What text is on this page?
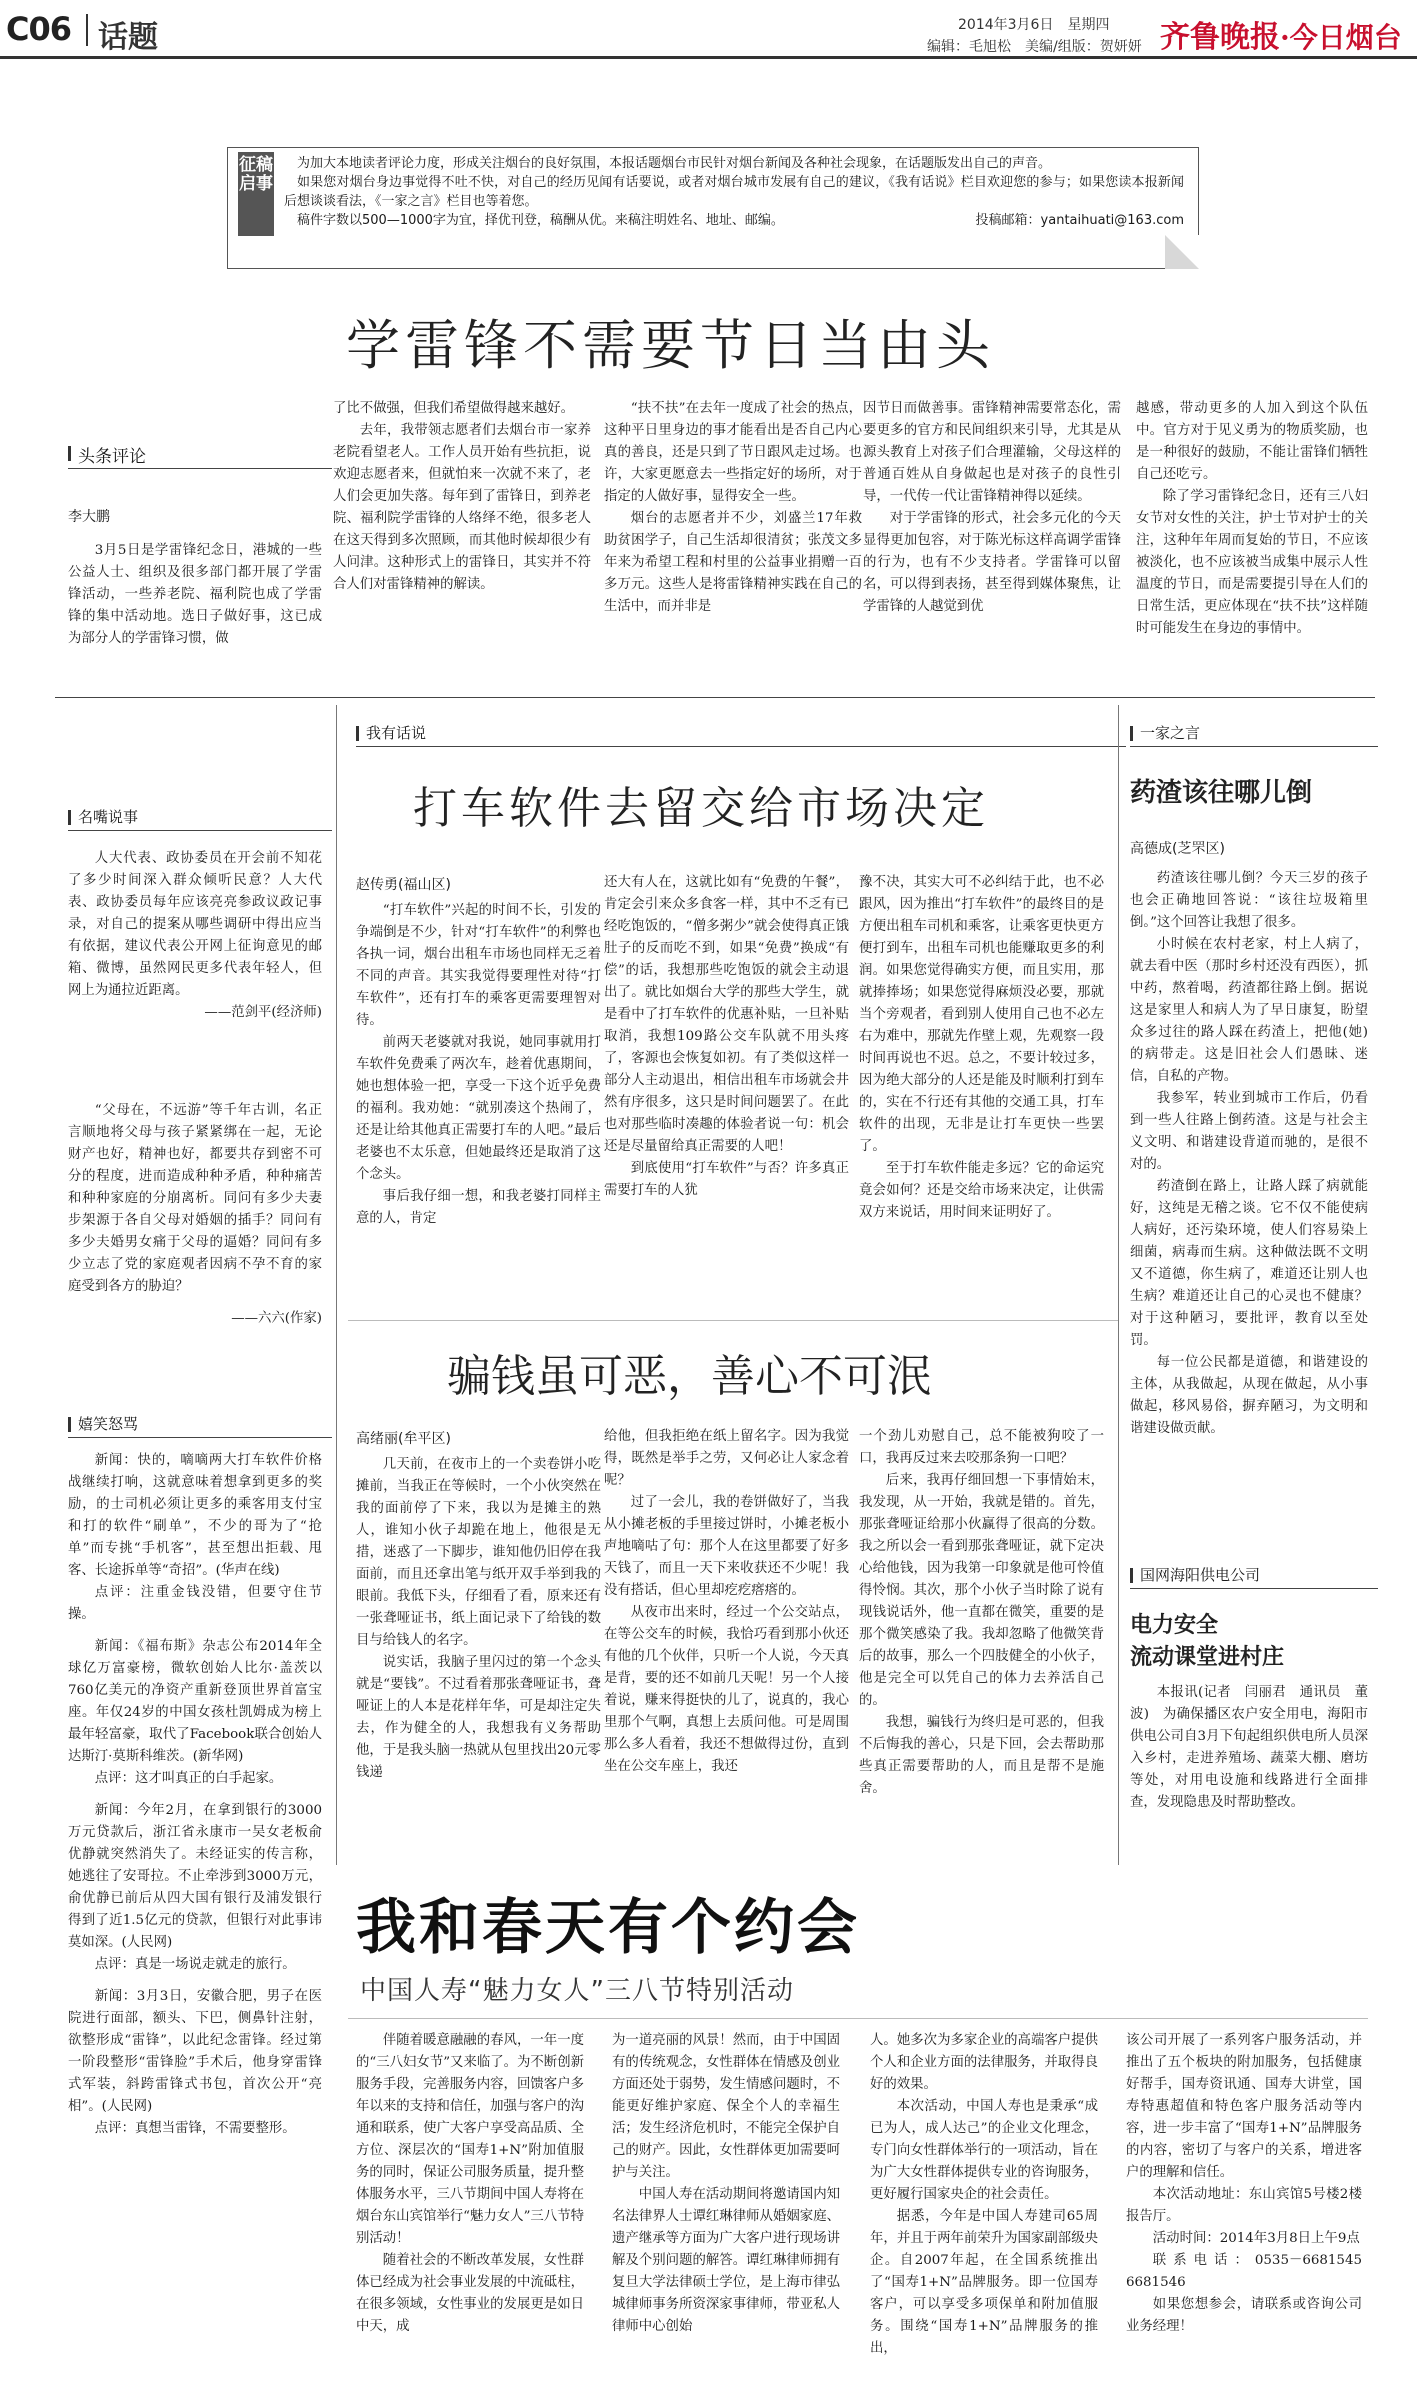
C06 话题	2014年3月6日　星期四
编辑：毛旭松　美编/组版：贺妍妍 齐鲁晚报·今日烟台
征稿启事

为加大本地读者评论力度，形成关注烟台的良好氛围，本报话题烟台市民针对烟台新闻及各种社会现象，在话题版发出自己的声音。

如果您对烟台身边事觉得不吐不快，对自己的经历见闻有话要说，或者对烟台城市发展有自己的建议，《我有话说》栏目欢迎您的参与；如果您读本报新闻后想谈谈看法，《一家之言》栏目也等着您。

稿件字数以500—1000字为宜，择优刊登，稿酬从优。来稿注明姓名、地址、邮编。　	投稿邮箱：yantaihuati@163.com

学雷锋不需要节日当由头
头条评论
李大鹏

3月5日是学雷锋纪念日，港城的一些公益人士、组织及很多部门都开展了学雷锋活动，一些养老院、福利院也成了学雷锋的集中活动地。选日子做好事，这已成为部分人的学雷锋习惯，做

了比不做强，但我们希望做得越来越好。

去年，我带领志愿者们去烟台市一家养老院看望老人。工作人员开始有些抗拒，说欢迎志愿者来，但就怕来一次就不来了，老人们会更加失落。每年到了雷锋日，到养老院、福利院学雷锋的人络绎不绝，很多老人在这天得到多次照顾，而其他时候却很少有人问津。这种形式上的雷锋日，其实并不符合人们对雷锋精神的解读。

“扶不扶”在去年一度成了社会的热点，这种平日里身边的事才能看出是否自己内心真的善良，还是只到了节日跟风走过场。也许，大家更愿意去一些指定好的场所，对于指定的人做好事，显得安全一些。

烟台的志愿者并不少，刘盛兰17年救助贫困学子，自己生活却很清贫；张茂文多年来为希望工程和村里的公益事业捐赠一百多万元。这些人是将雷锋精神实践在自己的生活中，而并非是

因节日而做善事。雷锋精神需要常态化，需要更多的官方和民间组织来引导，尤其是从源头教育上对孩子们合理灌输，父母这样的普通百姓从自身做起也是对孩子的良性引导，一代传一代让雷锋精神得以延续。

对于学雷锋的形式，社会多元化的今天显得更加包容，对于陈光标这样高调学雷锋的行为，也有不少支持者。学雷锋可以留名，可以得到表扬，甚至得到媒体聚焦，让学雷锋的人越觉到优

越感，带动更多的人加入到这个队伍中。官方对于见义勇为的物质奖励，也是一种很好的鼓励，不能让雷锋们牺牲自己还吃亏。

除了学习雷锋纪念日，还有三八妇女节对女性的关注，护士节对护士的关注，这种年年周而复始的节日，不应该被淡化，也不应该被当成集中展示人性温度的节日，而是需要提引导在人们的日常生活，更应体现在“扶不扶”这样随时可能发生在身边的事情中。

名嘴说事

人大代表、政协委员在开会前不知花了多少时间深入群众倾听民意？人大代表、政协委员每年应该亮亮参政议政记事录，对自己的提案从哪些调研中得出应当有依据，建议代表公开网上征询意见的邮箱、微博，虽然网民更多代表年轻人，但网上为通拉近距离。

——范剑平(经济师)

“父母在，不远游”等千年古训，名正言顺地将父母与孩子紧紧绑在一起，无论财产也好，精神也好，都要共存到密不可分的程度，进而造成种种矛盾，种种痛苦和种种家庭的分崩离析。同问有多少夫妻步架源于各自父母对婚姻的插手？同问有多少夫婚男女痛于父母的逼婚？同问有多少立志了党的家庭观者因病不孕不育的家庭受到各方的胁迫？

——六六(作家)

嬉笑怒骂

新闻：快的，嘀嘀两大打车软件价格战继续打响，这就意味着想拿到更多的奖励，的士司机必须让更多的乘客用支付宝和打的软件“刷单”，不少的哥为了“抢单”而专挑“手机客”，甚至想出拒载、甩客、长途拆单等“奇招”。(华声在线)

点评：注重金钱没错，但要守住节操。

新闻：《福布斯》杂志公布2014年全球亿万富豪榜，微软创始人比尔·盖茨以760亿美元的净资产重新登顶世界首富宝座。年仅24岁的中国女孩杜凯姆成为榜上最年轻富豪，取代了Facebook联合创始人达斯汀·莫斯科维茨。(新华网)

点评：这才叫真正的白手起家。

新闻：今年2月，在拿到银行的3000万元贷款后，浙江省永康市一吴女老板俞优静就突然消失了。未经证实的传言称，她逃往了安哥拉。不止牵涉到3000万元，俞优静已前后从四大国有银行及浦发银行得到了近1.5亿元的贷款，但银行对此事讳莫如深。(人民网)

点评：真是一场说走就走的旅行。

新闻：3月3日，安徽合肥，男子在医院进行面部，额头、下巴，侧鼻针注射，欲整形成“雷锋”，以此纪念雷锋。经过第一阶段整形“雷锋脸”手术后，他身穿雷锋式军装，斜跨雷锋式书包，首次公开“亮相”。(人民网)

点评：真想当雷锋，不需要整形。

我有话说
打车软件去留交给市场决定
赵传勇(福山区)

“打车软件”兴起的时间不长，引发的争端倒是不少，针对“打车软件”的利弊也各执一词，烟台出租车市场也同样无乏着不同的声音。其实我觉得要理性对待“打车软件”，还有打车的乘客更需要理智对待。

前两天老婆就对我说，她同事就用打车软件免费乘了两次车，趁着优惠期间，她也想体验一把，享受一下这个近乎免费的福利。我劝她：“就别凑这个热闹了，还是让给其他真正需要打车的人吧。”最后老婆也不太乐意，但她最终还是取消了这个念头。

事后我仔细一想，和我老婆打同样主意的人，肯定

还大有人在，这就比如有“免费的午餐”，肯定会引来众多食客一样，其中不乏有已经吃饱饭的，“僧多粥少”就会使得真正饿肚子的反而吃不到，如果“免费”换成“有偿”的话，我想那些吃饱饭的就会主动退出了。就比如烟台大学的那些大学生，就是看中了打车软件的优惠补贴，一旦补贴取消，我想109路公交车队就不用头疼了，客源也会恢复如初。有了类似这样一部分人主动退出，相信出租车市场就会井然有序很多，这只是时间问题罢了。在此也对那些临时凑趣的体验者说一句：机会还是尽量留给真正需要的人吧！

到底使用“打车软件”与否？许多真正需要打车的人犹

豫不决，其实大可不必纠结于此，也不必跟风，因为推出“打车软件”的最终目的是方便出租车司机和乘客，让乘客更快更方便打到车，出租车司机也能赚取更多的利润。如果您觉得确实方便，而且实用，那就捧捧场；如果您觉得麻烦没必要，那就当个旁观者，看到别人使用自己也不必左右为难中，那就先作壁上观，先观察一段时间再说也不迟。总之，不要计较过多，因为绝大部分的人还是能及时顺利打到车的，实在不行还有其他的交通工具，打车软件的出现，无非是让打车更快一些罢了。

至于打车软件能走多远？它的命运究竟会如何？还是交给市场来决定，让供需双方来说话，用时间来证明好了。

骗钱虽可恶，善心不可泯
高绪丽(牟平区)

几天前，在夜市上的一个卖卷饼小吃摊前，当我正在等候时，一个小伙突然在我的面前停了下来，我以为是摊主的熟人，谁知小伙子却跪在地上，他很是无措，迷惑了一下脚步，谁知他仍旧停在我面前，而且还拿出笔与纸开双手举到我的眼前。我低下头，仔细看了看，原来还有一张聋哑证书，纸上面记录下了给钱的数目与给钱人的名字。

说实话，我脑子里闪过的第一个念头就是“要钱”。不过看着那张聋哑证书，聋哑证上的人本是花样年华，可是却注定失去，作为健全的人，我想我有义务帮助他，于是我头脑一热就从包里找出20元零钱递

给他，但我拒绝在纸上留名字。因为我觉得，既然是举手之劳，又何必让人家念着呢？

过了一会儿，我的卷饼做好了，当我从小摊老板的手里接过饼时，小摊老板小声地嘀咕了句：那个人在这里都要了好多天钱了，而且一天下来收获还不少呢！我没有搭话，但心里却疙疙瘩瘩的。

从夜市出来时，经过一个公交站点，在等公交车的时候，我恰巧看到那小伙还有他的几个伙伴，只听一个人说，今天真是背，要的还不如前几天呢！另一个人接着说，赚来得挺快的儿了，说真的，我心里那个气啊，真想上去质问他。可是周围那么多人看着，我还不想做得过份，直到坐在公交车座上，我还

一个劲儿劝慰自己，总不能被狗咬了一口，我再反过来去咬那条狗一口吧？

后来，我再仔细回想一下事情始末，我发现，从一开始，我就是错的。首先，那张聋哑证给那小伙赢得了很高的分数。我之所以会一看到那张聋哑证，就下定决心给他钱，因为我第一印象就是他可怜值得怜悯。其次，那个小伙子当时除了说有现钱说话外，他一直都在微笑，重要的是那个微笑感染了我。我却忽略了他微笑背后的故事，那么一个四肢健全的小伙子，他是完全可以凭自己的体力去养活自己的。

我想，骗钱行为终归是可恶的，但我不后悔我的善心，只是下回，会去帮助那些真正需要帮助的人，而且是帮不是施舍。

一家之言
药渣该往哪儿倒
高德成(芝罘区)

药渣该往哪儿倒？今天三岁的孩子也会正确地回答说：“该往垃圾箱里倒。”这个回答让我想了很多。

小时候在农村老家，村上人病了，就去看中医（那时乡村还没有西医），抓中药，熬着喝，药渣都往路上倒。据说这是家里人和病人为了早日康复，盼望众多过往的路人踩在药渣上，把他(她)的病带走。这是旧社会人们愚昧、迷信，自私的产物。

我参军，转业到城市工作后，仍看到一些人往路上倒药渣。这是与社会主义文明、和谐建设背道而驰的，是很不对的。

药渣倒在路上，让路人踩了病就能好，这纯是无稽之谈。它不仅不能使病人病好，还污染环境，使人们容易染上细菌，病毒而生病。这种做法既不文明又不道德，你生病了，难道还让别人也生病？难道还让自己的心灵也不健康？对于这种陋习，要批评，教育以至处罚。

每一位公民都是道德，和谐建设的主体，从我做起，从现在做起，从小事做起，移风易俗，摒弃陋习，为文明和谐建设做贡献。

国网海阳供电公司
电力安全
流动课堂进村庄

本报讯(记者　闫丽君　通讯员　董波)　为确保播区农户安全用电，海阳市供电公司自3月下旬起组织供电所人员深入乡村，走进养殖场、蔬菜大棚、磨坊等处，对用电设施和线路进行全面排查，发现隐患及时帮助整改。

我和春天有个约会
中国人寿“魅力女人”三八节特别活动

伴随着暖意融融的春风，一年一度的“三八妇女节”又来临了。为不断创新服务手段，完善服务内容，回馈客户多年以来的支持和信任，加强与客户的沟通和联系，使广大客户享受高品质、全方位、深层次的“国寿1+N”附加值服务的同时，保证公司服务质量，提升整体服务水平，三八节期间中国人寿将在烟台东山宾馆举行“魅力女人”三八节特别活动！

随着社会的不断改革发展，女性群体已经成为社会事业发展的中流砥柱，在很多领域，女性事业的发展更是如日中天，成

为一道亮丽的风景！然而，由于中国固有的传统观念，女性群体在情感及创业方面还处于弱势，发生情感问题时，不能更好维护家庭、保全个人的幸福生活；发生经济危机时，不能完全保护自己的财产。因此，女性群体更加需要呵护与关注。

中国人寿在活动期间将邀请国内知名法律界人士谭红琳律师从婚姻家庭、遗产继承等方面为广大客户进行现场讲解及个别问题的解答。谭红琳律师拥有复旦大学法律硕士学位，是上海市律弘城律师事务所资深家事律师，带亚私人律师中心创始

人。她多次为多家企业的高端客户提供个人和企业方面的法律服务，并取得良好的效果。

本次活动，中国人寿也是秉承“成已为人，成人达己”的企业文化理念，专门向女性群体举行的一项活动，旨在为广大女性群体提供专业的咨询服务，更好履行国家央企的社会责任。

据悉，今年是中国人寿建司65周年，并且于两年前荣升为国家副部级央企。自2007年起，在全国系统推出了“国寿1+N”品牌服务。即一位国寿客户，可以享受多项保单和附加值服务。围绕“国寿1+N”品牌服务的推出，

该公司开展了一系列客户服务活动，并推出了五个板块的附加服务，包括健康好帮手，国寿资讯通、国寿大讲堂，国寿特惠超值和特色客户服务活动等内容，进一步丰富了“国寿1+N”品牌服务的内容，密切了与客户的关系，增进客户的理解和信任。

本次活动地址：东山宾馆5号楼2楼报告厅。

活动时间：2014年3月8日上午9点

联系电话：0535－6681545　6681546

如果您想参会，请联系或咨询公司业务经理！
